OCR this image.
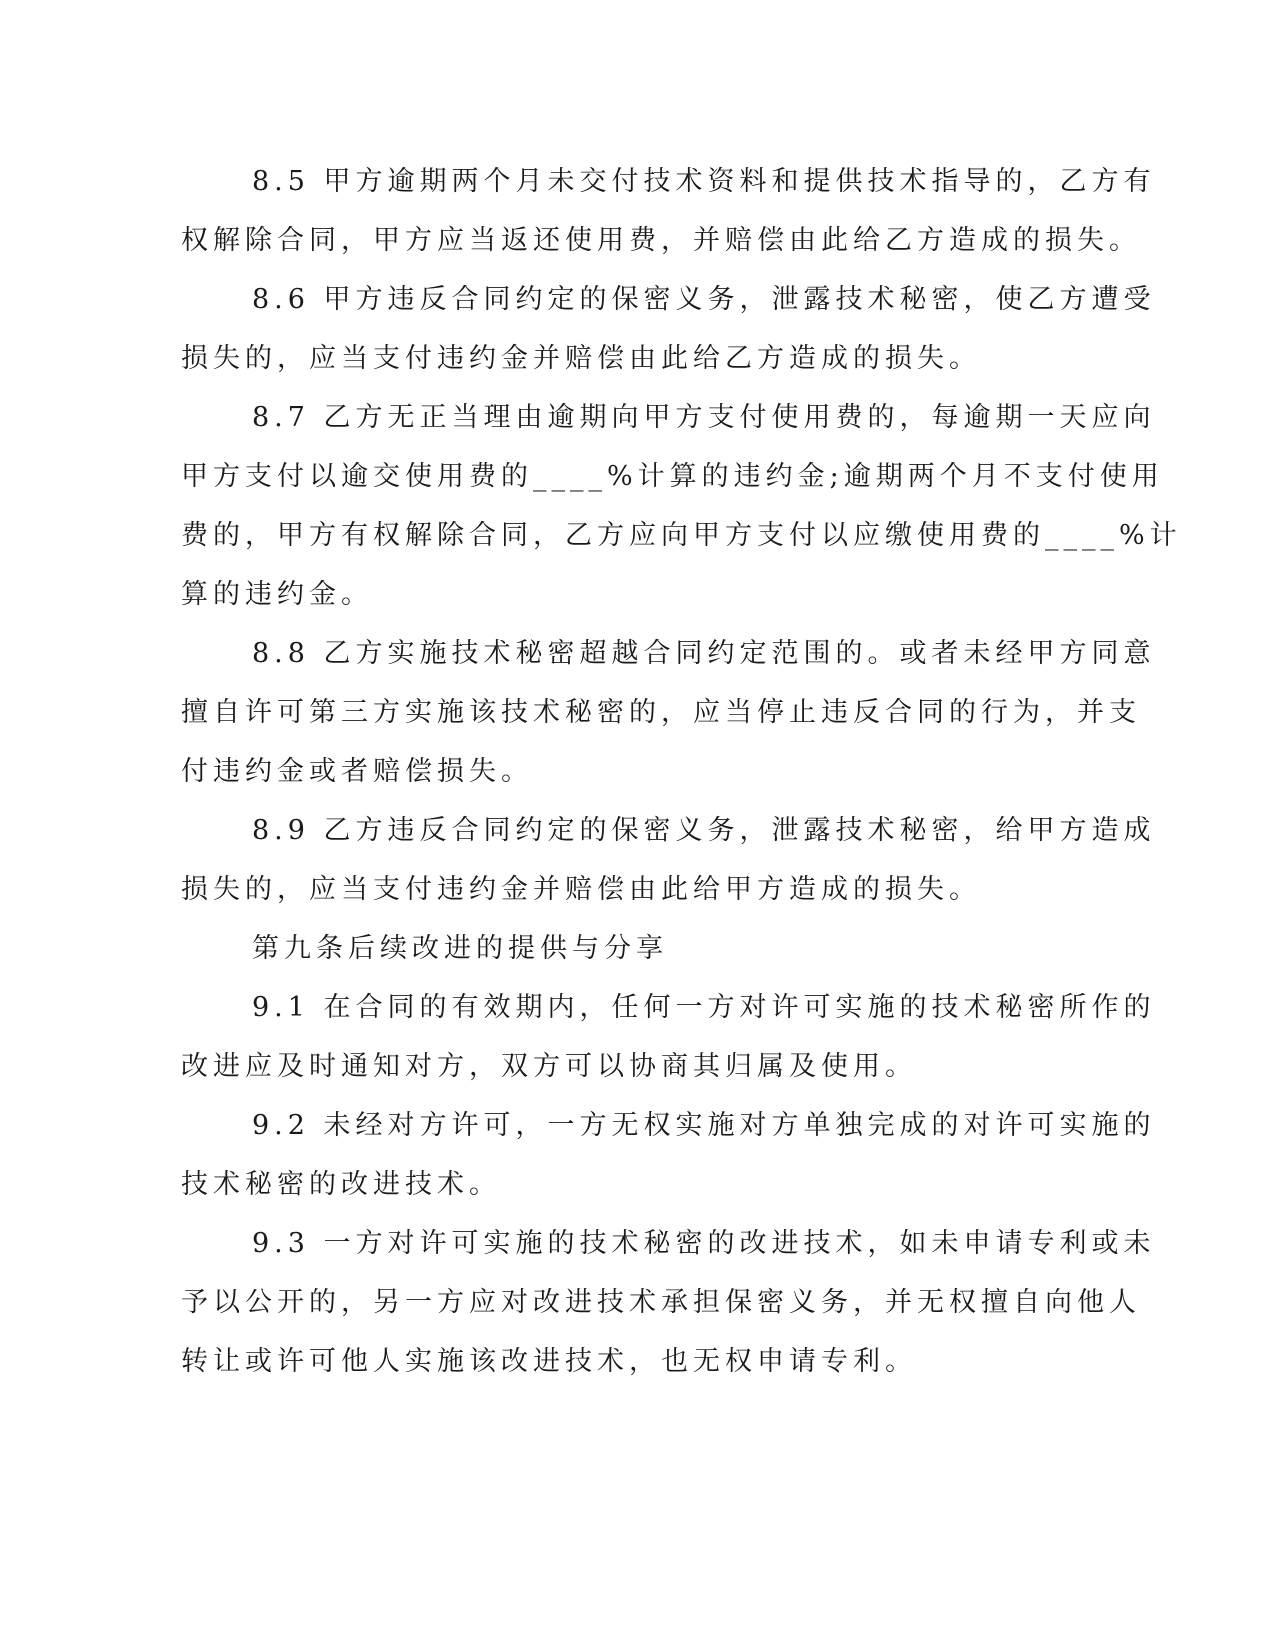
8.5 甲方逾期两个月未交付技术资料和提供技术指导的，乙方有
权解除合同，甲方应当返还使用费，并赔偿由此给乙方造成的损失。
8.6 甲方违反合同约定的保密义务，泄露技术秘密，使乙方遭受
损失的，应当支付违约金并赔偿由此给乙方造成的损失。
8.7 乙方无正当理由逾期向甲方支付使用费的，每逾期一天应向
甲方支付以逾交使用费的____%计算的违约金;逾期两个月不支付使用
费的，甲方有权解除合同，乙方应向甲方支付以应缴使用费的____%计
算的违约金。
8.8 乙方实施技术秘密超越合同约定范围的。或者未经甲方同意
擅自许可第三方实施该技术秘密的，应当停止违反合同的行为，并支
付违约金或者赔偿损失。
8.9 乙方违反合同约定的保密义务，泄露技术秘密，给甲方造成
损失的，应当支付违约金并赔偿由此给甲方造成的损失。
第九条后续改进的提供与分享
9.1 在合同的有效期内，任何一方对许可实施的技术秘密所作的
改进应及时通知对方，双方可以协商其归属及使用。
9.2 未经对方许可，一方无权实施对方单独完成的对许可实施的
技术秘密的改进技术。
9.3 一方对许可实施的技术秘密的改进技术，如未申请专利或未
予以公开的，另一方应对改进技术承担保密义务，并无权擅自向他人
转让或许可他人实施该改进技术，也无权申请专利。
